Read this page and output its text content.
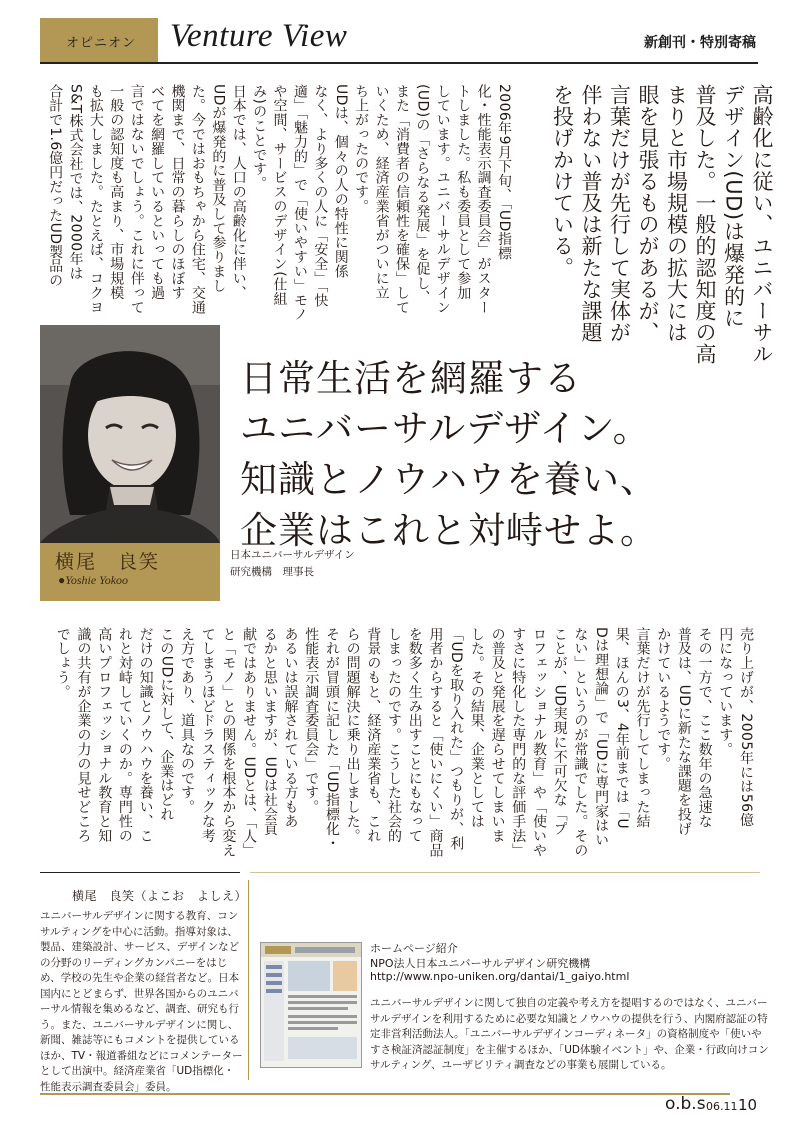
オピニオン Venture View	新創刊・特別寄稿
高齢化に従い、ユニバーサル
デザイン(UD)は爆発的に
普及した。一般的認知度の高
まりと市場規模の拡大には
眼を見張るものがあるが、
言葉だけが先行して実体が
伴わない普及は新たな課題
を投げかけている。
2006年9月下旬、「UD指標
化・性能表示調査委員会」がスター
トしました。私も委員として参加
しています。ユニバーサルデザイン
(UD)の「さらなる発展」を促し、
また「消費者の信頼性を確保」して
いくため、経済産業省がついに立
ち上がったのです。
UDは、個々の人の特性に関係
なく、より多くの人に「安全」「快
適」「魅力的」で「使いやすい」モノ
や空間、サービスのデザイン(仕組
み)のことです。
日本では、人口の高齢化に伴い、
UDが爆発的に普及して参りまし
た。今ではおもちゃから住宅、交通
機関まで、日常の暮らしのほぼす
べてを網羅しているといっても過
言ではないでしょう。これに伴って
一般の認知度も高まり、市場規模
も拡大しました。たとえば、コクヨ
S&T株式会社では、2000年は
合計で1.6億円だったUD製品の
横尾　良笑
●Yoshie Yokoo
日本ユニバーサルデザイン
研究機構　理事長
日常生活を網羅する
ユニバーサルデザイン。
知識とノウハウを養い、
企業はこれと対峙せよ。
売り上げが、2005年には56億
円になっています。
その一方で、ここ数年の急速な
普及は、UDに新たな課題を投げ
かけているようです。
言葉だけが先行してしまった結
果、ほんの3、4年前までは「U
Dは理想論」で「UDに専門家はい
ない」というのが常識でした。その
ことが、UD実現に不可欠な「プ
ロフェッショナル教育」や「使いや
すさに特化した専門的な評価手法」
の普及と発展を遅らせてしまいま
した。その結果、企業としては
「UDを取り入れた」つもりが、利
用者からすると「使いにくい」商品
を数多く生み出すことにもなって
しまったのです。こうした社会的
背景のもと、経済産業省も、これ
らの問題解決に乗り出しました。
それが冒頭に記した「UD指標化・
性能表示調査委員会」です。
あるいは誤解されている方もあ
るかと思いますが、UDは社会貢
献ではありません。UDとは、「人」
と「モノ」との関係を根本から変え
てしまうほどドラスティックな考
え方であり、道具なのです。
このUDに対して、企業はどれ
だけの知識とノウハウを養い、こ
れと対峙していくのか。専門性の
高いプロフェッショナル教育と知
識の共有が企業の力の見せどころ
でしょう。
横尾　良笑（よこお　よしえ）
ユニバーサルデザインに関する教育、コンサルティングを中心に活動。指導対象は、製品、建築設計、サービス、デザインなどの分野のリーディングカンパニーをはじめ、学校の先生や企業の経営者など。日本国内にとどまらず、世界各国からのユニバーサル情報を集めるなど、調査、研究も行う。また、ユニバーサルデザインに関し、新聞、雑誌等にもコメントを提供しているほか、TV・報道番組などにコメンテーターとして出演中。経済産業省「UD指標化・性能表示調査委員会」委員。
ホームページ紹介
NPO法人日本ユニバーサルデザイン研究機構
http://www.npo-uniken.org/dantai/1_gaiyo.html
ユニバーサルデザインに関して独自の定義や考え方を提唱するのではなく、ユニバーサルデザインを利用するために必要な知識とノウハウの提供を行う、内閣府認証の特定非営利活動法人。「ユニバーサルデザインコーディネータ」の資格制度や「使いやすさ検証済認証制度」を主催するほか、「UD体験イベント」や、企業・行政向けコンサルティング、ユーザビリティ調査などの事業も展開している。
o.b.s 06.11 10
